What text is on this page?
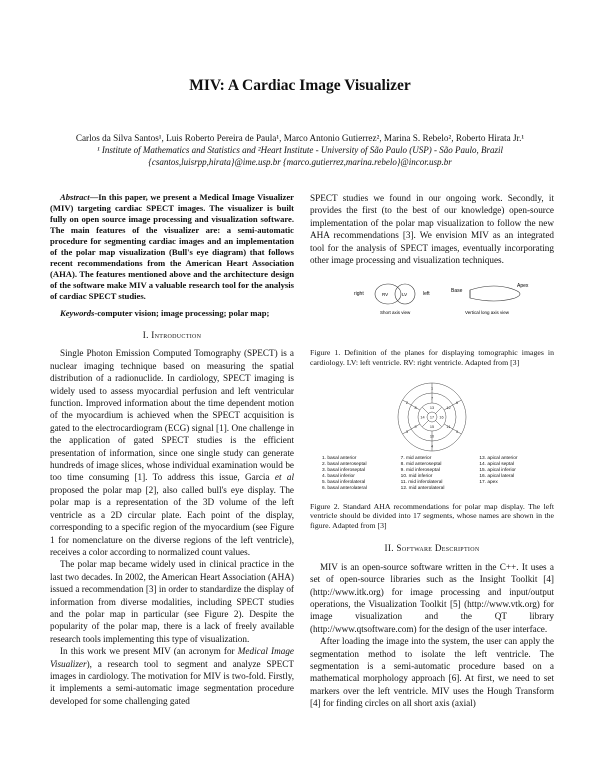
MIV: A Cardiac Image Visualizer
Carlos da Silva Santos¹, Luis Roberto Pereira de Paula¹, Marco Antonio Gutierrez², Marina S. Rebelo², Roberto Hirata Jr.¹
¹ Institute of Mathematics and Statistics and ²Heart Institute - University of São Paulo (USP) - São Paulo, Brazil
{csantos,luisrpp,hirata}@ime.usp.br {marco.gutierrez,marina.rebelo}@incor.usp.br

Abstract—In this paper, we present a Medical Image Visualizer (MIV) targeting cardiac SPECT images. The visualizer is built fully on open source image processing and visualization software. The main features of the visualizer are: a semi-automatic procedure for segmenting cardiac images and an implementation of the polar map visualization (Bull's eye diagram) that follows recent recommendations from the American Heart Association (AHA). The features mentioned above and the architecture design of the software make MIV a valuable research tool for the analysis of cardiac SPECT studies.

Keywords-computer vision; image processing; polar map;

I. Introduction

Single Photon Emission Computed Tomography (SPECT) is a nuclear imaging technique based on measuring the spatial distribution of a radionuclide. In cardiology, SPECT imaging is widely used to assess myocardial perfusion and left ventricular function. Improved information about the time dependent motion of the myocardium is achieved when the SPECT acquisition is gated to the electrocardiogram (ECG) signal [1]. One challenge in the application of gated SPECT studies is the efficient presentation of information, since one single study can generate hundreds of image slices, whose individual examination would be too time consuming [1]. To address this issue, Garcia et al proposed the polar map [2], also called bull's eye display. The polar map is a representation of the 3D volume of the left ventricle as a 2D circular plate. Each point of the display, corresponding to a specific region of the myocardium (see Figure 1 for nomenclature on the diverse regions of the left ventricle), receives a color according to normalized count values.

The polar map became widely used in clinical practice in the last two decades. In 2002, the American Heart Association (AHA) issued a recommendation [3] in order to standardize the display of information from diverse modalities, including SPECT studies and the polar map in particular (see Figure 2). Despite the popularity of the polar map, there is a lack of freely available research tools implementing this type of visualization.

In this work we present MIV (an acronym for Medical Image Visualizer), a research tool to segment and analyze SPECT images in cardiology. The motivation for MIV is two-fold. Firstly, it implements a semi-automatic image segmentation procedure developed for some challenging gated

SPECT studies we found in our ongoing work. Secondly, it provides the first (to the best of our knowledge) open-source implementation of the polar map visualization to follow the new AHA recommendations [3]. We envision MIV as an integrated tool for the analysis of SPECT images, eventually incorporating other image processing and visualization techniques.

right	RV	LV	left
Short axis view
Base
Apex
Vertical long axis view

Figure 1. Definition of the planes for displaying tomographic images in cardiology. LV: left ventricle. RV: right ventricle. Adapted from [3]

1
2
3
4
5
6
7
8
9
10
11
12
13
14
15
16
17
1. basal anterior	7. mid anterior	13. apical anterior
2. basal anteroseptal	8. mid anteroseptal	14. apical septal
3. basal inferoseptal	9. mid inferoseptal	15. apical inferior
4. basal inferior	10. mid inferior	16. apical lateral
5. basal inferolateral	11. mid inferolateral	17. apex
6. basal anterolateral	12. mid anterolateral

Figure 2. Standard AHA recommendations for polar map display. The left ventricle should be divided into 17 segments, whose names are shown in the figure. Adapted from [3]

II. Software Description

MIV is an open-source software written in the C++. It uses a set of open-source libraries such as the Insight Toolkit [4] (http://www.itk.org) for image processing and input/output operations, the Visualization Toolkit [5] (http://www.vtk.org) for image visualization and the QT library (http://www.qtsoftware.com) for the design of the user interface.

After loading the image into the system, the user can apply the segmentation method to isolate the left ventricle. The segmentation is a semi-automatic procedure based on a mathematical morphology approach [6]. At first, we need to set markers over the left ventricle. MIV uses the Hough Transform [4] for finding circles on all short axis (axial)
